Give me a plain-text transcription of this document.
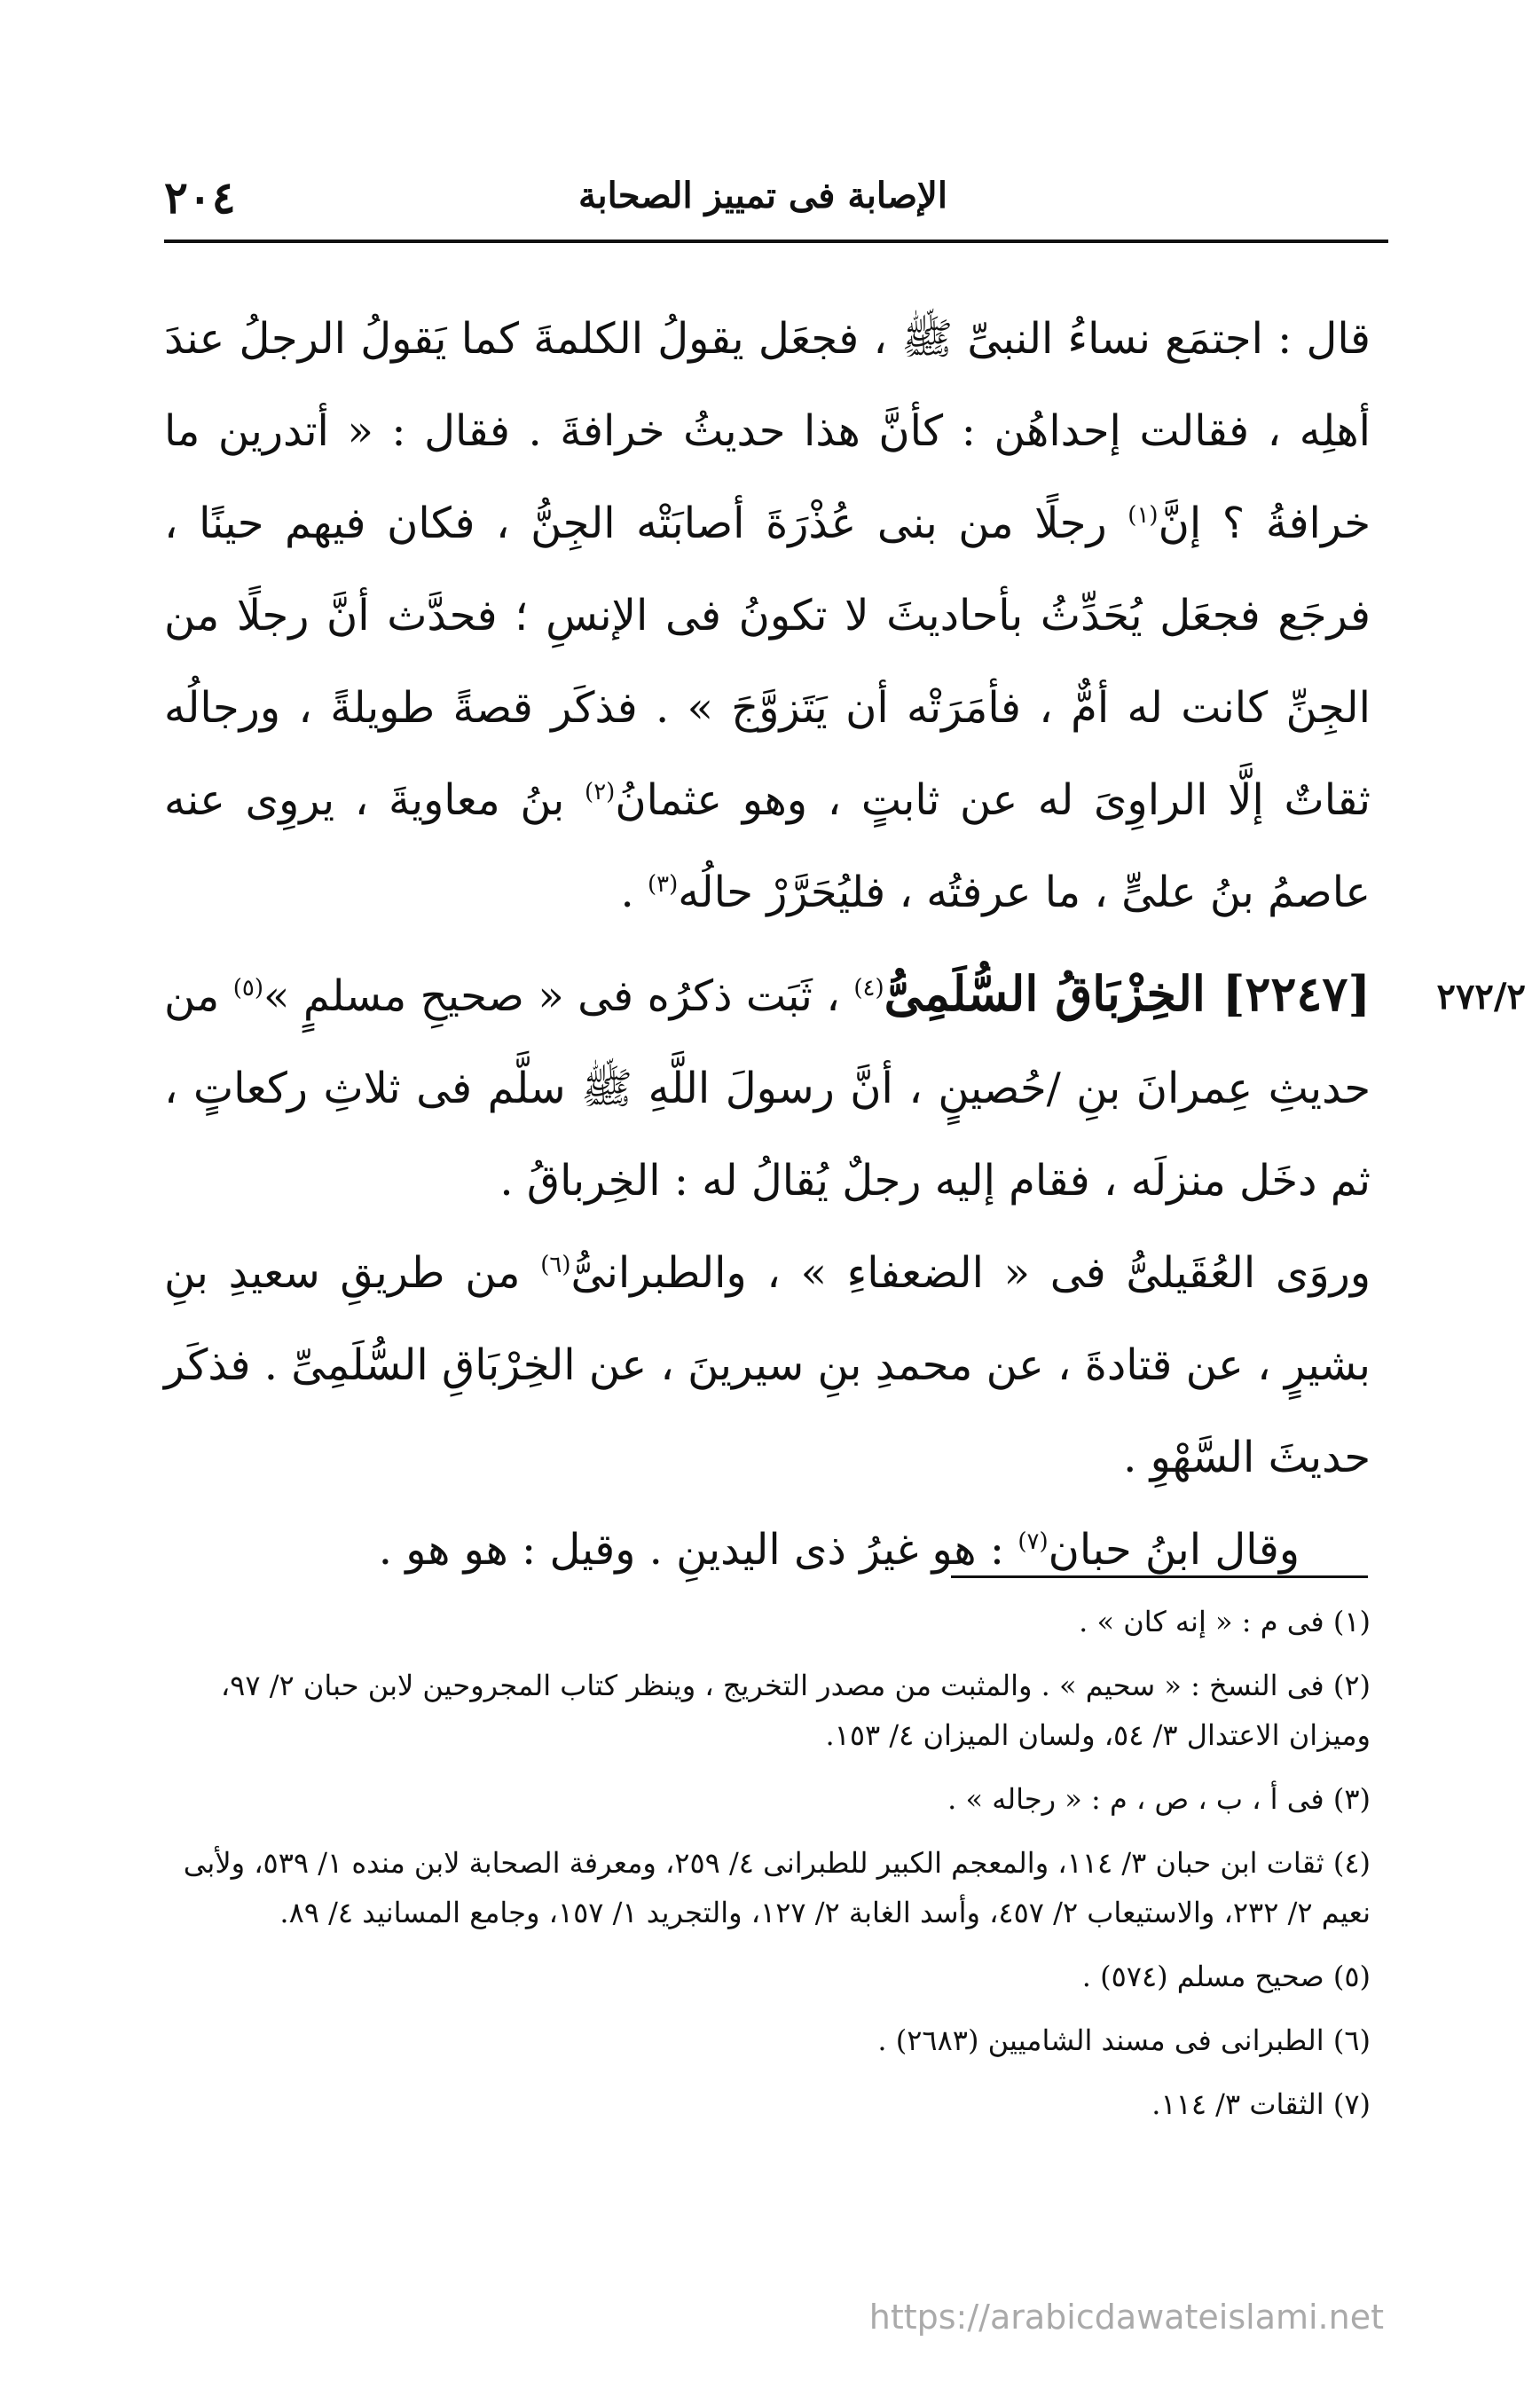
٢٠٤	الإصابة فى تمييز الصحابة
٢٧٢/٢

قال : اجتمَع نساءُ النبىِّ ﷺ ، فجعَل يقولُ الكلمةَ كما يَقولُ الرجلُ عندَ أهلِه ، فقالت إحداهُن : كأنَّ هذا حديثُ خرافةَ . فقال : « أتدرين ما خرافةُ ؟ إنَّ$^{(١)}$ رجلًا من بنى عُذْرَةَ أصابَتْه الجِنُّ ، فكان فيهم حينًا ، فرجَع فجعَل يُحَدِّثُ بأحاديثَ لا تكونُ فى الإنسِ ؛ فحدَّث أنَّ رجلًا من الجِنِّ كانت له أمٌّ ، فأمَرَتْه أن يَتَزوَّجَ » . فذكَر قصةً طويلةً ، ورجالُه ثقاتٌ إلَّا الراوِىَ له عن ثابتٍ ، وهو عثمانُ$^{(٢)}$ بنُ معاويةَ ، يروِى عنه عاصمُ بنُ علىٍّ ، ما عرفتُه ، فليُحَرَّرْ حالُه$^{(٣)}$ .

[٢٢٤٧] الخِزْبَاقُ السُّلَمِىُّ$^{(٤)}$ ، ثَبَت ذكرُه فى « صحيحِ مسلمٍ »$^{(٥)}$ من حديثِ عِمرانَ بنِ /حُصينٍ ، أنَّ رسولَ اللَّهِ ﷺ سلَّم فى ثلاثِ ركعاتٍ ، ثم دخَل منزلَه ، فقام إليه رجلٌ يُقالُ له : الخِرباقُ .

وروَى العُقَيلىُّ فى « الضعفاءِ » ، والطبرانىُّ$^{(٦)}$ من طريقِ سعيدِ بنِ بشيرٍ ، عن قتادةَ ، عن محمدِ بنِ سيرينَ ، عن الخِرْبَاقِ السُّلَمِىِّ . فذكَر حديثَ السَّهْوِ .

وقال ابنُ حبان$^{(٧)}$ : هو غيرُ ذى اليدينِ . وقيل : هو هو .

(١) فى م : « إنه كان » .

(٢) فى النسخ : « سحيم » . والمثبت من مصدر التخريج ، وينظر كتاب المجروحين لابن حبان ٢/ ٩٧، وميزان الاعتدال ٣/ ٥٤، ولسان الميزان ٤/ ١٥٣.

(٣) فى أ ، ب ، ص ، م : « رجاله » .

(٤) ثقات ابن حبان ٣/ ١١٤، والمعجم الكبير للطبرانى ٤/ ٢٥٩، ومعرفة الصحابة لابن منده ١/ ٥٣٩، ولأبى نعيم ٢/ ٢٣٢، والاستيعاب ٢/ ٤٥٧، وأسد الغابة ٢/ ١٢٧، والتجريد ١/ ١٥٧، وجامع المسانيد ٤/ ٨٩.

(٥) صحيح مسلم (٥٧٤) .

(٦) الطبرانى فى مسند الشاميين (٢٦٨٣) .

(٧) الثقات ٣/ ١١٤.

https://arabicdawateislami.net
